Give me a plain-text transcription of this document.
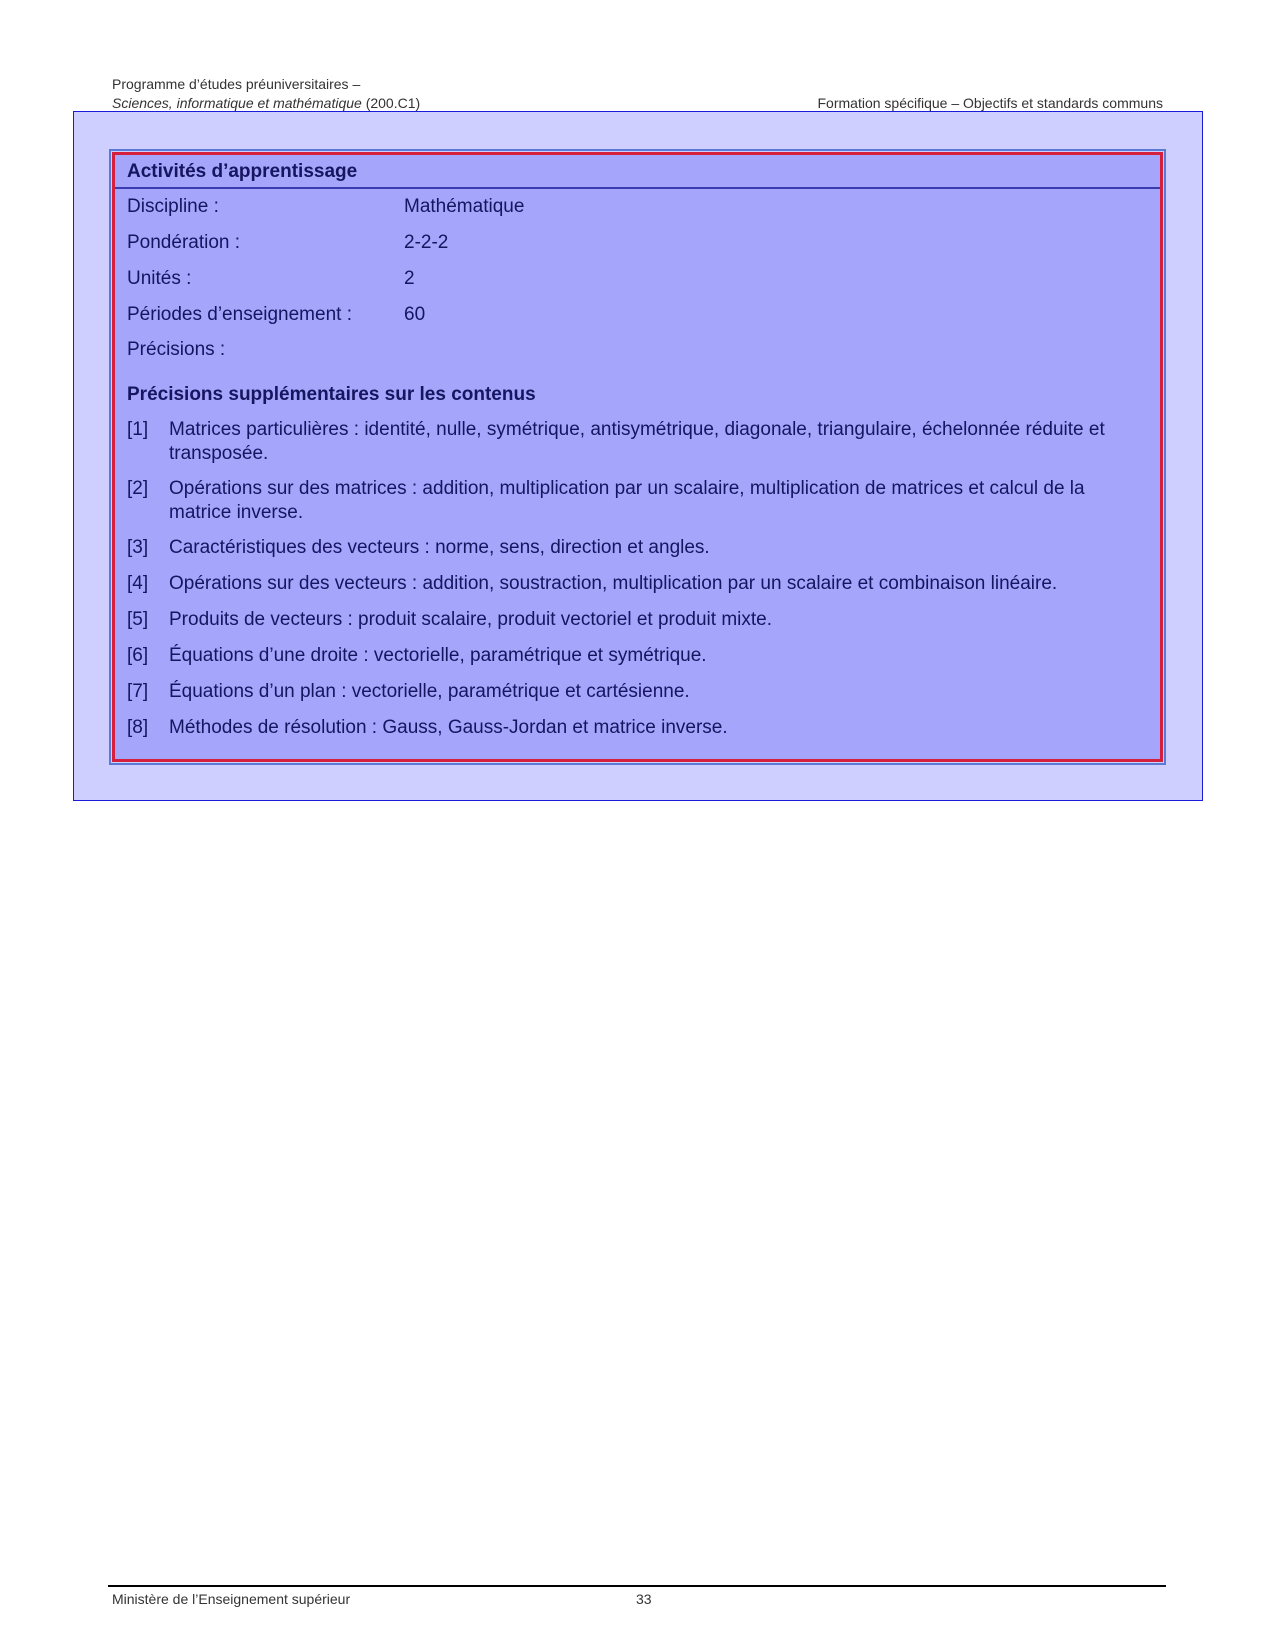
Programme d’études préuniversitaires –
Sciences, informatique et mathématique (200.C1)	Formation spécifique – Objectifs et standards communs
Activités d’apprentissage
Discipline :	Mathématique
Pondération :	2-2-2
Unités :	2
Périodes d’enseignement :	60
Précisions :
Précisions supplémentaires sur les contenus
[1] Matrices particulières : identité, nulle, symétrique, antisymétrique, diagonale, triangulaire, échelonnée réduite et transposée.
[2] Opérations sur des matrices : addition, multiplication par un scalaire, multiplication de matrices et calcul de la matrice inverse.
[3] Caractéristiques des vecteurs : norme, sens, direction et angles.
[4] Opérations sur des vecteurs : addition, soustraction, multiplication par un scalaire et combinaison linéaire.
[5] Produits de vecteurs : produit scalaire, produit vectoriel et produit mixte.
[6] Équations d’une droite : vectorielle, paramétrique et symétrique.
[7] Équations d’un plan : vectorielle, paramétrique et cartésienne.
[8] Méthodes de résolution : Gauss, Gauss-Jordan et matrice inverse.
Ministère de l’Enseignement supérieur	33
